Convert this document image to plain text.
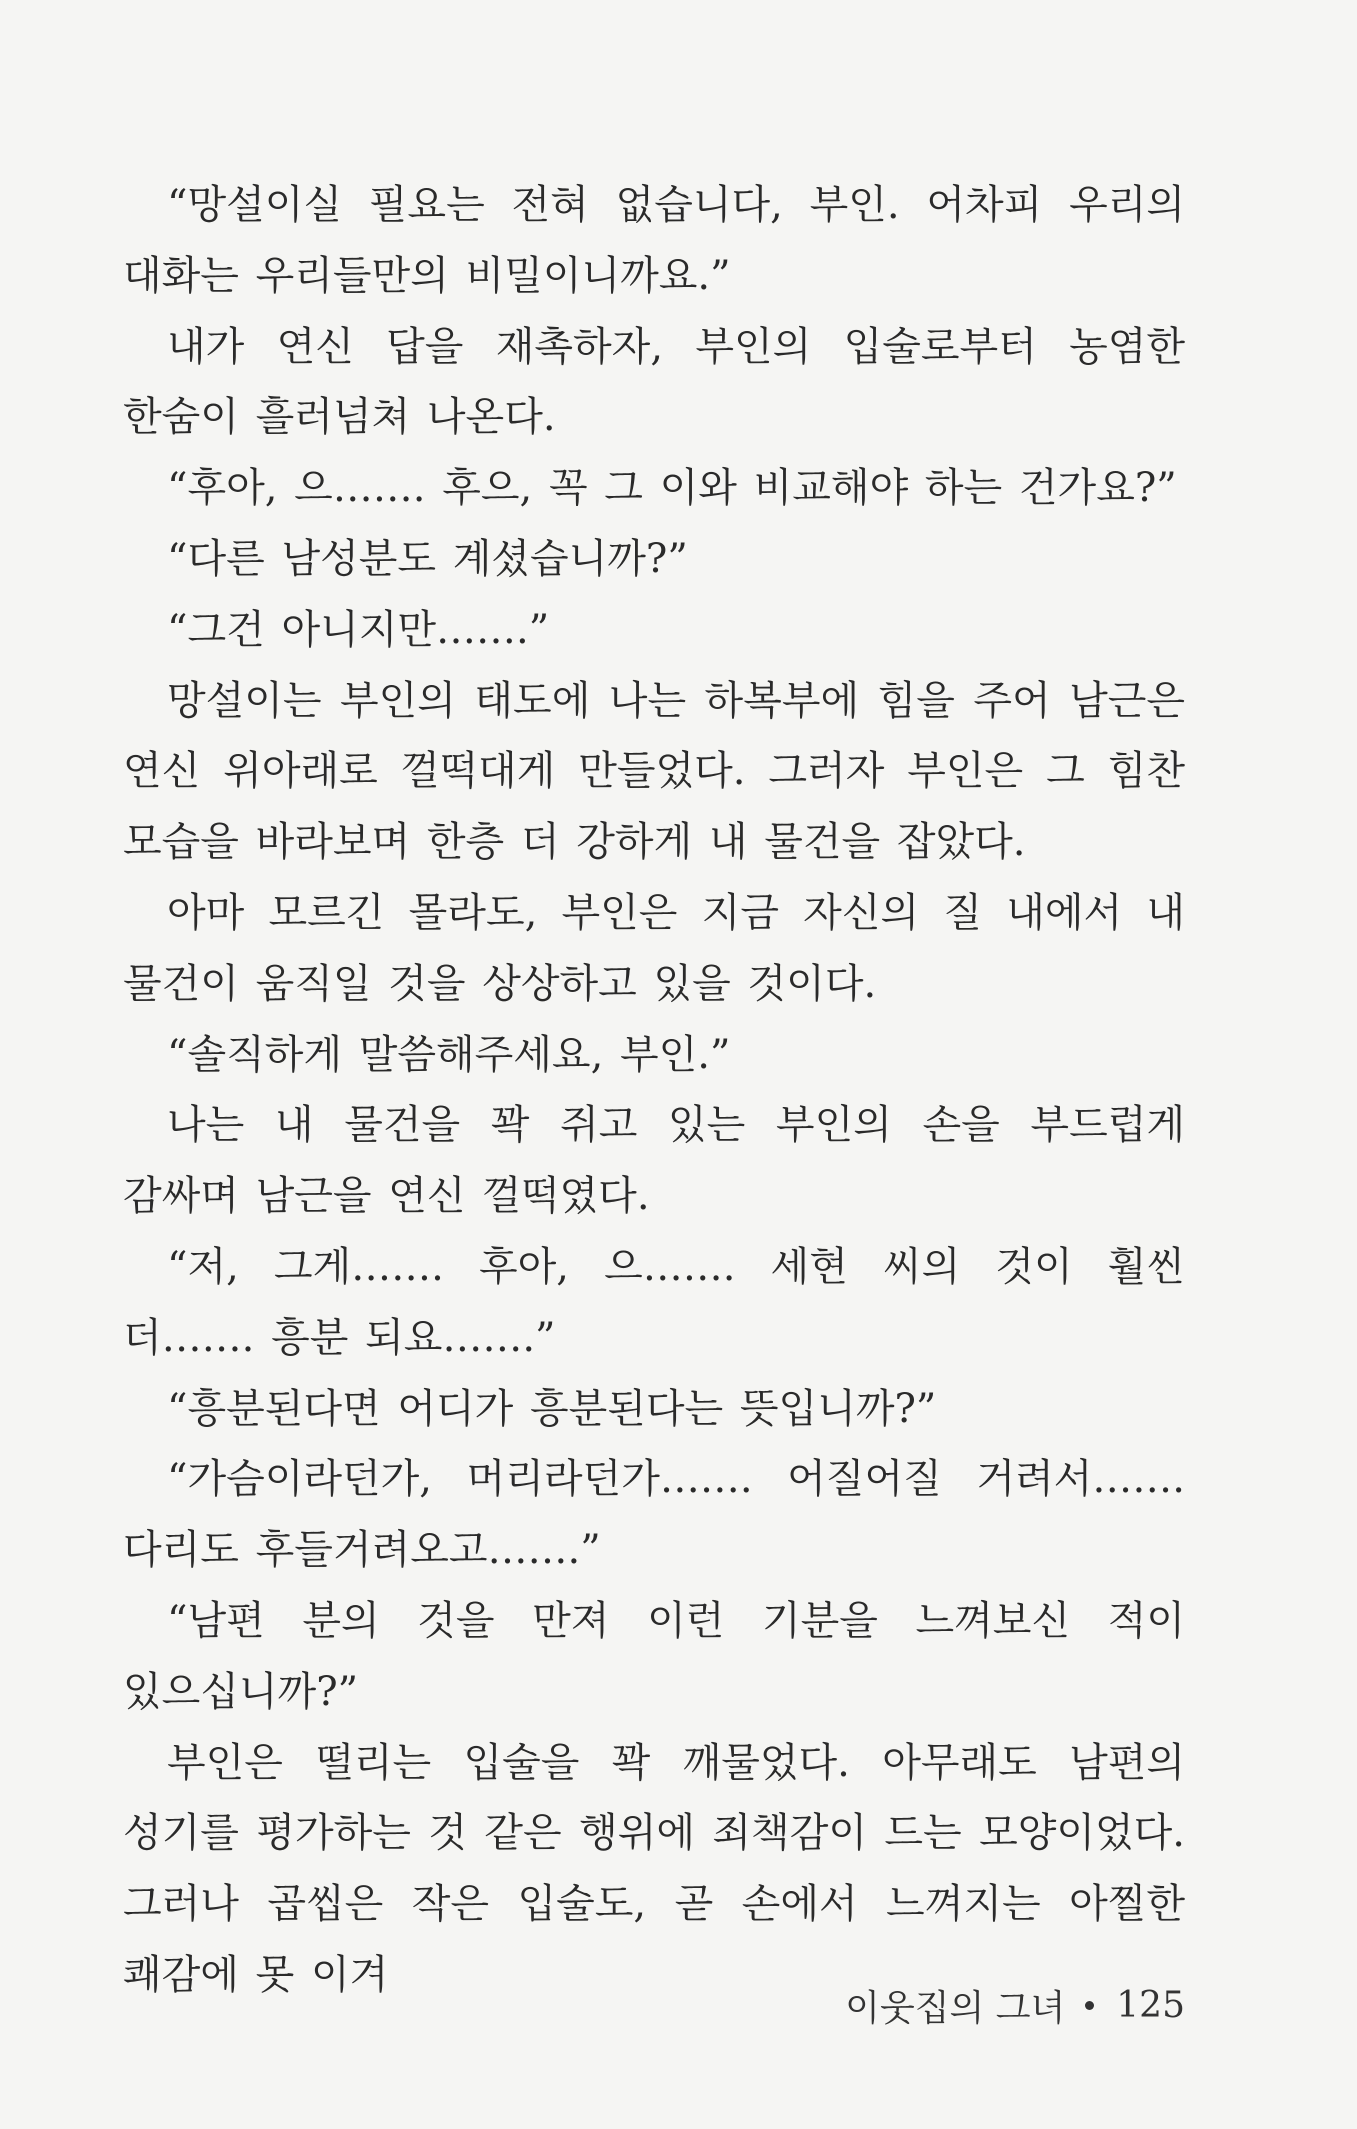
“망설이실 필요는 전혀 없습니다, 부인. 어차피 우리의 대화는 우리들만의 비밀이니까요.”

내가 연신 답을 재촉하자, 부인의 입술로부터 농염한 한숨이 흘러넘쳐 나온다.

“후아, 으……. 후으, 꼭 그 이와 비교해야 하는 건가요?”

“다른 남성분도 계셨습니까?”

“그건 아니지만…….”

망설이는 부인의 태도에 나는 하복부에 힘을 주어 남근은 연신 위아래로 껄떡대게 만들었다. 그러자 부인은 그 힘찬 모습을 바라보며 한층 더 강하게 내 물건을 잡았다.

아마 모르긴 몰라도, 부인은 지금 자신의 질 내에서 내 물건이 움직일 것을 상상하고 있을 것이다.

“솔직하게 말씀해주세요, 부인.”

나는 내 물건을 꽉 쥐고 있는 부인의 손을 부드럽게 감싸며 남근을 연신 껄떡였다.

“저, 그게……. 후아, 으……. 세현 씨의 것이 훨씬 더……. 흥분 되요…….”

“흥분된다면 어디가 흥분된다는 뜻입니까?”

“가슴이라던가, 머리라던가……. 어질어질 거려서……. 다리도 후들거려오고…….”

“남편 분의 것을 만져 이런 기분을 느껴보신 적이 있으십니까?”

부인은 떨리는 입술을 꽉 깨물었다. 아무래도 남편의 성기를 평가하는 것 같은 행위에 죄책감이 드는 모양이었다. 그러나 곱씹은 작은 입술도, 곧 손에서 느껴지는 아찔한 쾌감에 못 이겨

이웃집의 그녀 125
